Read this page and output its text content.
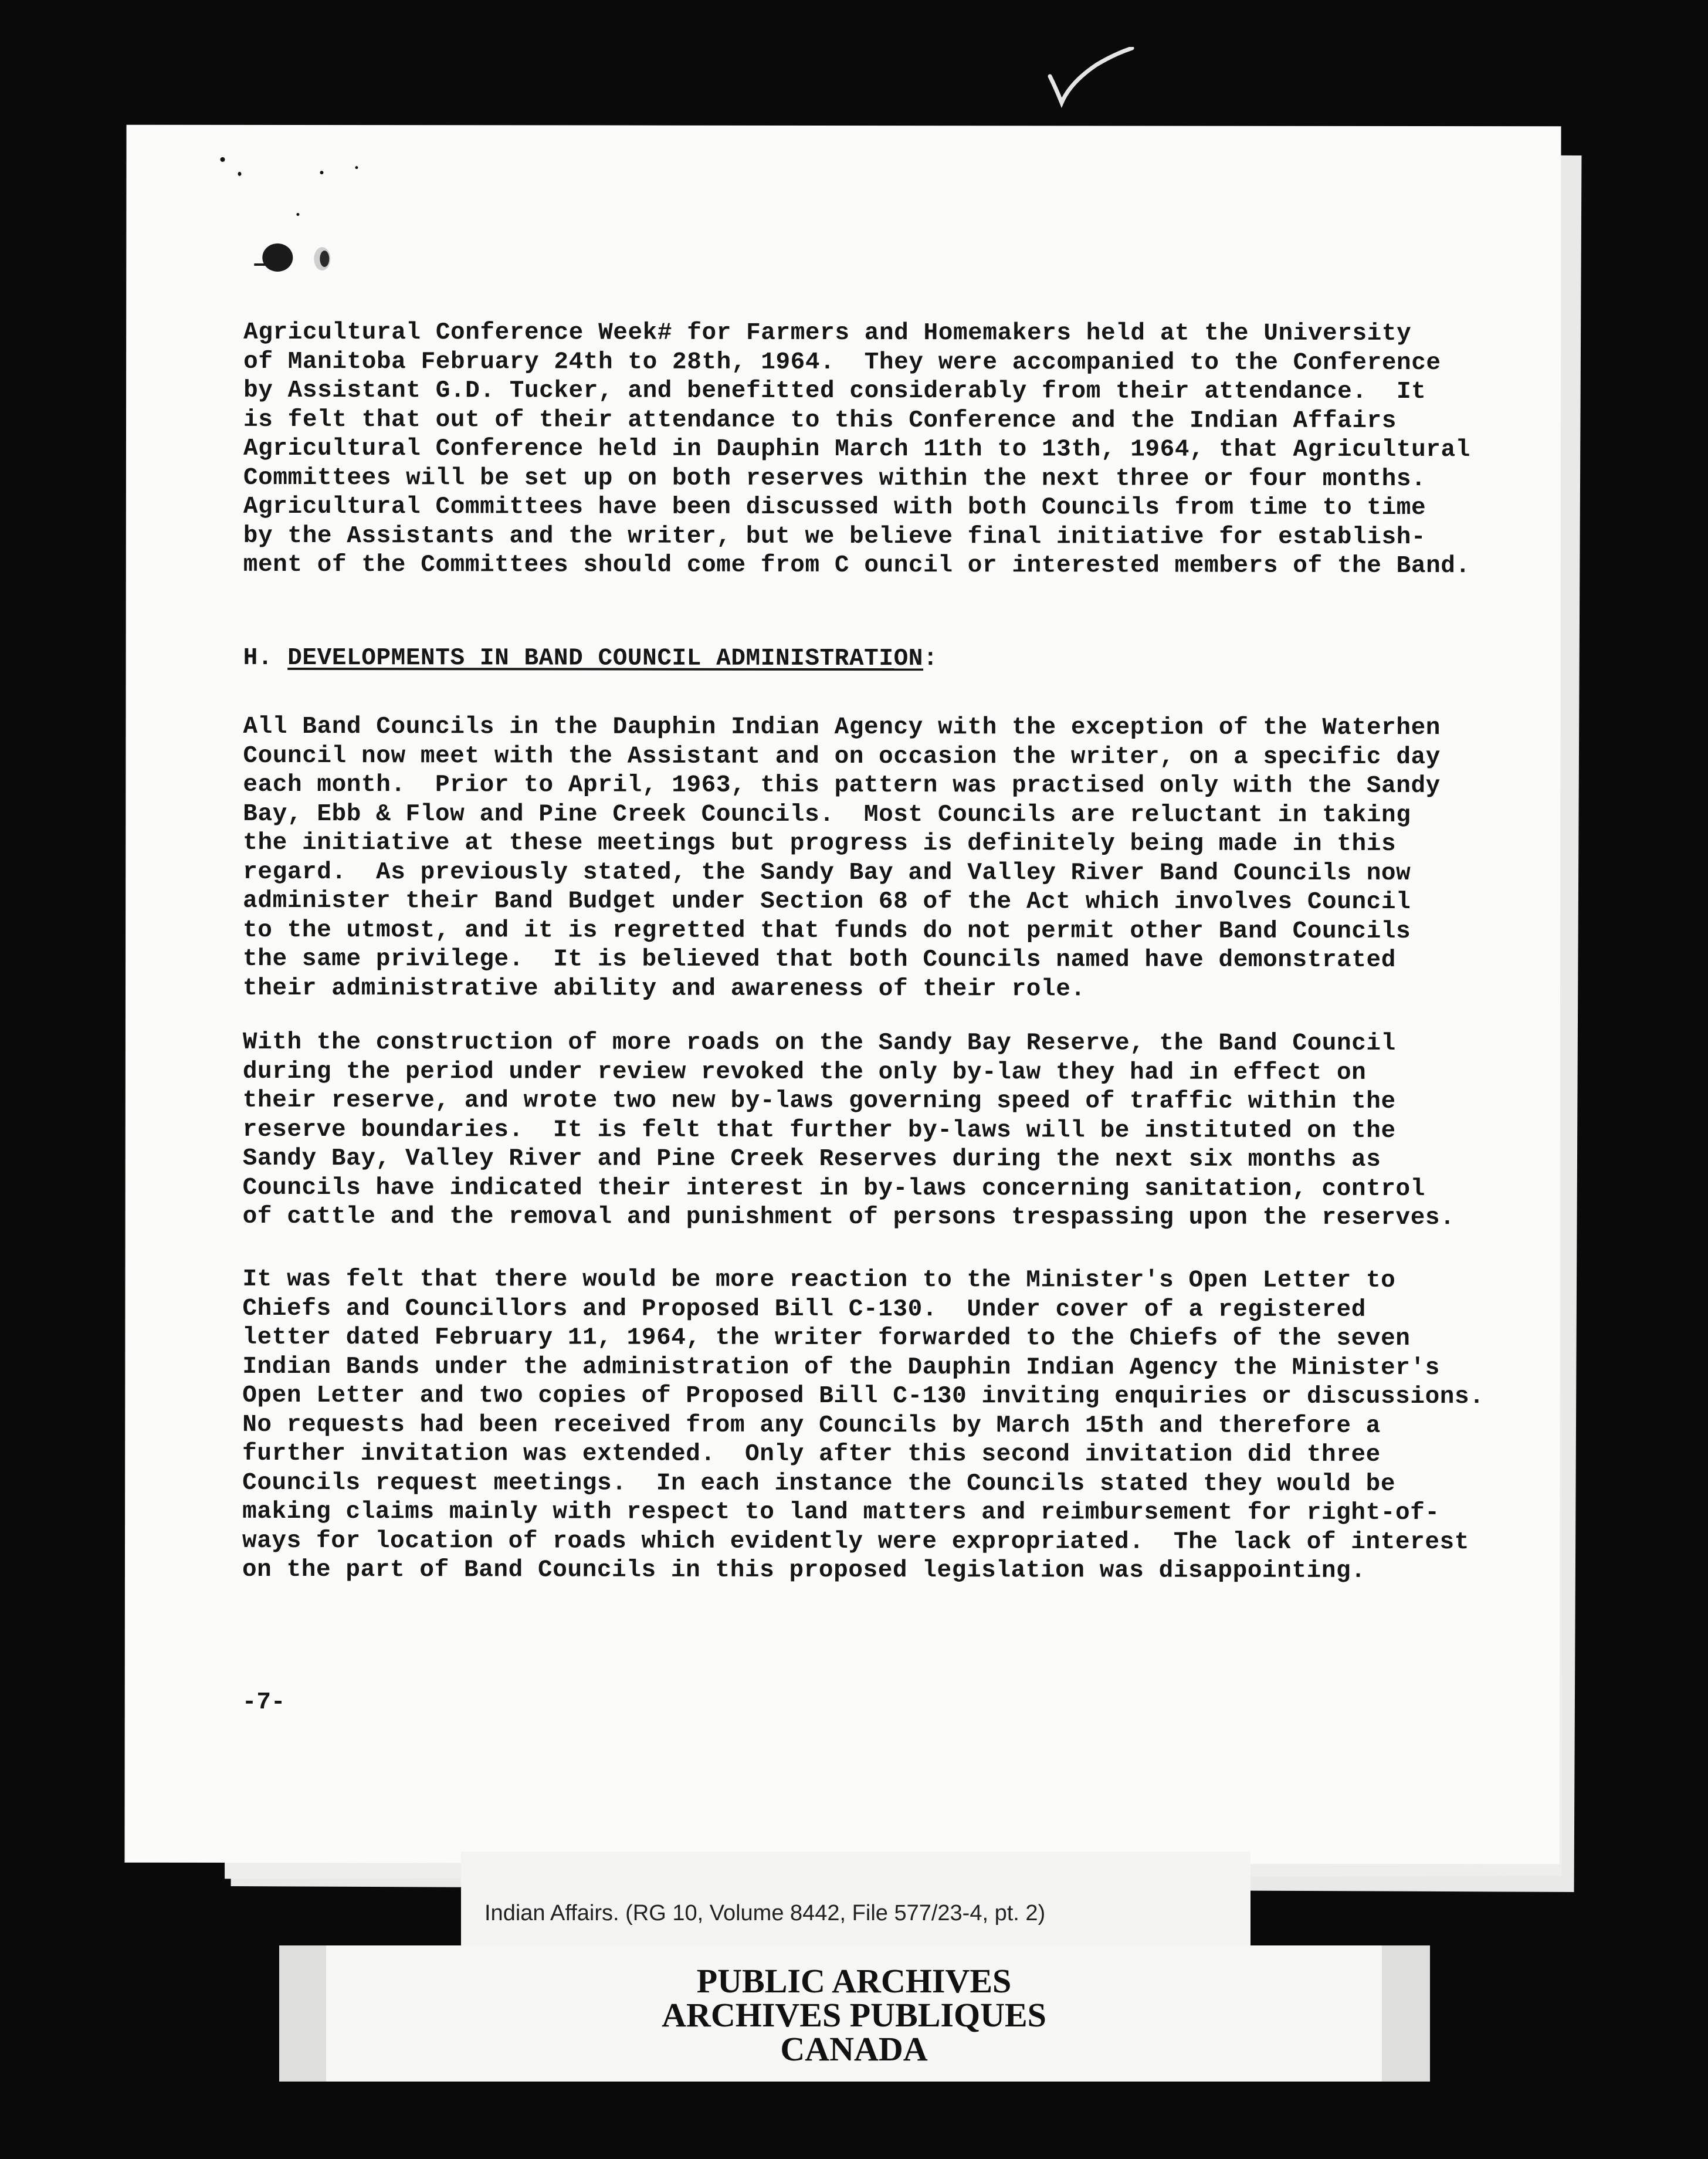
Agricultural Conference Week# for Farmers and Homemakers held at the University
of Manitoba February 24th to 28th, 1964.  They were accompanied to the Conference
by Assistant G.D. Tucker, and benefitted considerably from their attendance.  It
is felt that out of their attendance to this Conference and the Indian Affairs
Agricultural Conference held in Dauphin March 11th to 13th, 1964, that Agricultural
Committees will be set up on both reserves within the next three or four months.
Agricultural Committees have been discussed with both Councils from time to time
by the Assistants and the writer, but we believe final initiative for establish-
ment of the Committees should come from C ouncil or interested members of the Band.
H. DEVELOPMENTS IN BAND COUNCIL ADMINISTRATION:
All Band Councils in the Dauphin Indian Agency with the exception of the Waterhen
Council now meet with the Assistant and on occasion the writer, on a specific day
each month.  Prior to April, 1963, this pattern was practised only with the Sandy
Bay, Ebb & Flow and Pine Creek Councils.  Most Councils are reluctant in taking
the initiative at these meetings but progress is definitely being made in this
regard.  As previously stated, the Sandy Bay and Valley River Band Councils now
administer their Band Budget under Section 68 of the Act which involves Council
to the utmost, and it is regretted that funds do not permit other Band Councils
the same privilege.  It is believed that both Councils named have demonstrated
their administrative ability and awareness of their role.
With the construction of more roads on the Sandy Bay Reserve, the Band Council
during the period under review revoked the only by-law they had in effect on
their reserve, and wrote two new by-laws governing speed of traffic within the
reserve boundaries.  It is felt that further by-laws will be instituted on the
Sandy Bay, Valley River and Pine Creek Reserves during the next six months as
Councils have indicated their interest in by-laws concerning sanitation, control
of cattle and the removal and punishment of persons trespassing upon the reserves.
It was felt that there would be more reaction to the Minister's Open Letter to
Chiefs and Councillors and Proposed Bill C-130.  Under cover of a registered
letter dated February 11, 1964, the writer forwarded to the Chiefs of the seven
Indian Bands under the administration of the Dauphin Indian Agency the Minister's
Open Letter and two copies of Proposed Bill C-130 inviting enquiries or discussions.
No requests had been received from any Councils by March 15th and therefore a
further invitation was extended.  Only after this second invitation did three
Councils request meetings.  In each instance the Councils stated they would be
making claims mainly with respect to land matters and reimbursement for right-of-
ways for location of roads which evidently were expropriated.  The lack of interest
on the part of Band Councils in this proposed legislation was disappointing.
-7-
Indian Affairs. (RG 10, Volume 8442, File 577/23-4, pt. 2)
PUBLIC ARCHIVES
ARCHIVES PUBLIQUES
CANADA
